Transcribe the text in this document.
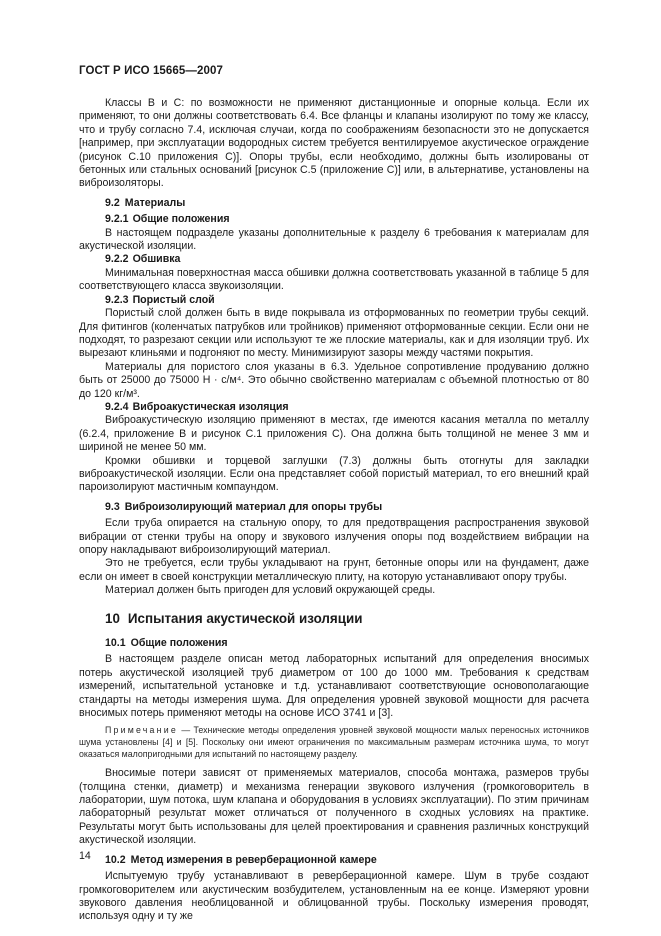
ГОСТ Р ИСО 15665—2007

Классы В и С: по возможности не применяют дистанционные и опорные кольца. Если их применяют, то они должны соответствовать 6.4. Все фланцы и клапаны изолируют по тому же классу, что и трубу согласно 7.4, исключая случаи, когда по соображениям безопасности это не допускается [например, при эксплуатации водородных систем требуется вентилируемое акустическое ограждение (рисунок С.10 приложения С)]. Опоры трубы, если необходимо, должны быть изолированы от бетонных или стальных оснований [рисунок С.5 (приложение С)] или, в альтернативе, установлены на виброизоляторы.

9.2 Материалы
9.2.1 Общие положения

В настоящем подразделе указаны дополнительные к разделу 6 требования к материалам для акустической изоляции.

9.2.2 Обшивка

Минимальная поверхностная масса обшивки должна соответствовать указанной в таблице 5 для соответствующего класса звукоизоляции.

9.2.3 Пористый слой

Пористый слой должен быть в виде покрывала из отформованных по геометрии трубы секций. Для фитингов (коленчатых патрубков или тройников) применяют отформованные секции. Если они не подходят, то разрезают секции или используют те же плоские материалы, как и для изоляции труб. Их вырезают клиньями и подгоняют по месту. Минимизируют зазоры между частями покрытия.

Материалы для пористого слоя указаны в 6.3. Удельное сопротивление продуванию должно быть от 25000 до 75000 Н · с/м⁴. Это обычно свойственно материалам с объемной плотностью от 80 до 120 кг/м³.

9.2.4 Виброакустическая изоляция

Виброакустическую изоляцию применяют в местах, где имеются касания металла по металлу (6.2.4, приложение В и рисунок С.1 приложения С). Она должна быть толщиной не менее 3 мм и шириной не менее 50 мм.

Кромки обшивки и торцевой заглушки (7.3) должны быть отогнуты для закладки виброакустической изоляции. Если она представляет собой пористый материал, то его внешний край пароизолируют мастичным компаундом.

9.3 Виброизолирующий материал для опоры трубы

Если труба опирается на стальную опору, то для предотвращения распространения звуковой вибрации от стенки трубы на опору и звукового излучения опоры под воздействием вибрации на опору накладывают виброизолирующий материал.

Это не требуется, если трубы укладывают на грунт, бетонные опоры или на фундамент, даже если он имеет в своей конструкции металлическую плиту, на которую устанавливают опору трубы.

Материал должен быть пригоден для условий окружающей среды.

10 Испытания акустической изоляции
10.1 Общие положения

В настоящем разделе описан метод лабораторных испытаний для определения вносимых потерь акустической изоляцией труб диаметром от 100 до 1000 мм. Требования к средствам измерений, испытательной установке и т.д. устанавливают соответствующие основополагающие стандарты на методы измерения шума. Для определения уровней звуковой мощности для расчета вносимых потерь применяют методы на основе ИСО 3741 и [3].

Примечание — Технические методы определения уровней звуковой мощности малых переносных источников шума установлены [4] и [5]. Поскольку они имеют ограничения по максимальным размерам источника шума, то могут оказаться малопригодными для испытаний по настоящему разделу.

Вносимые потери зависят от применяемых материалов, способа монтажа, размеров трубы (толщина стенки, диаметр) и механизма генерации звукового излучения (громкоговоритель в лаборатории, шум потока, шум клапана и оборудования в условиях эксплуатации). По этим причинам лабораторный результат может отличаться от полученного в сходных условиях на практике. Результаты могут быть использованы для целей проектирования и сравнения различных конструкций акустической изоляции.

10.2 Метод измерения в реверберационной камере

Испытуемую трубу устанавливают в реверберационной камере. Шум в трубе создают громкоговорителем или акустическим возбудителем, установленным на ее конце. Измеряют уровни звукового давления необлицованной и облицованной трубы. Поскольку измерения проводят, используя одну и ту же

14
